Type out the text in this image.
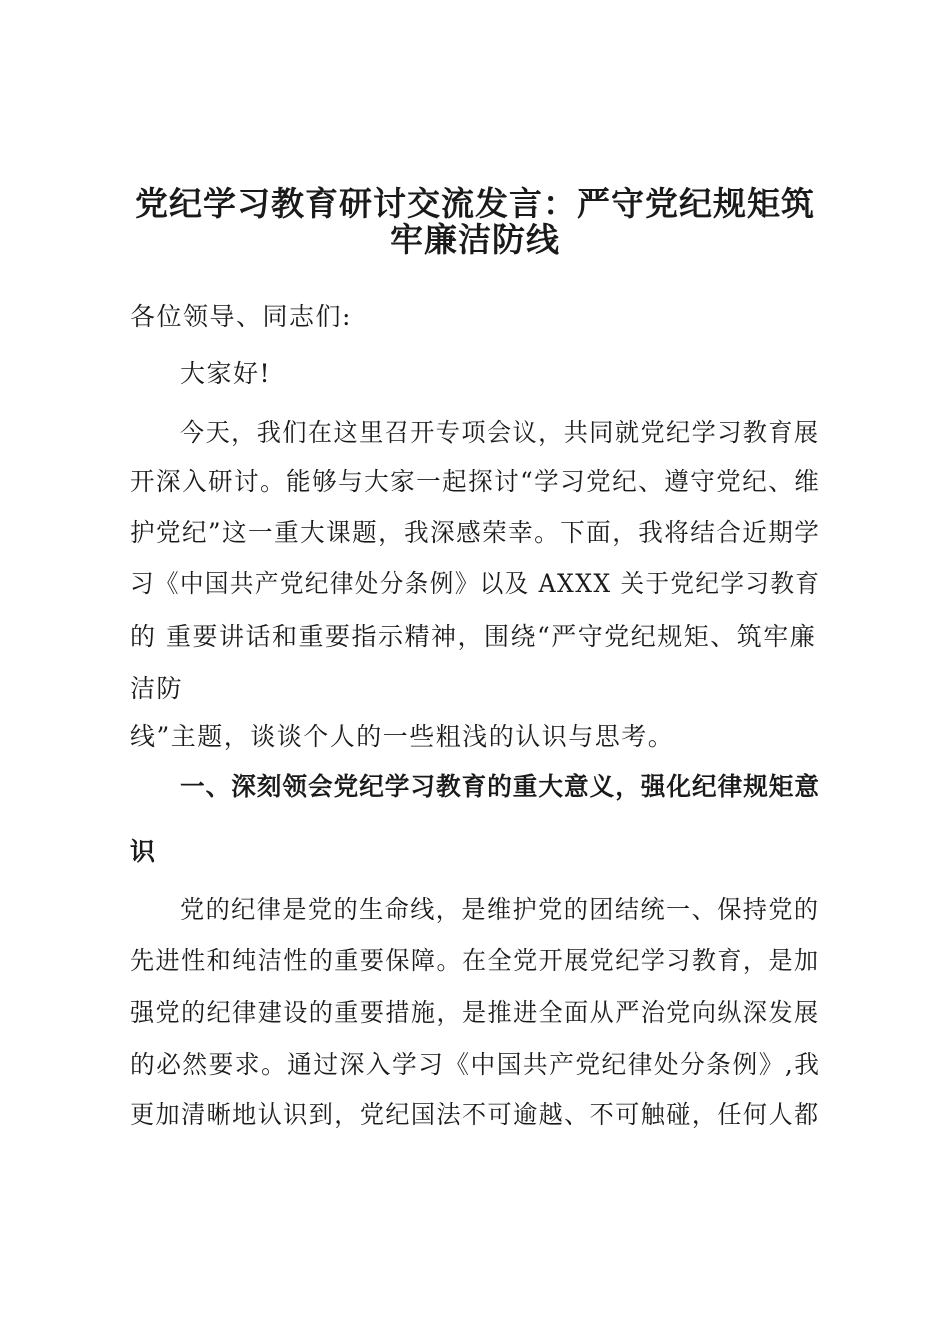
党纪学习教育研讨交流发言：严守党纪规矩筑
牢廉洁防线
各位领导、同志们:
大家好!
今天，我们在这里召开专项会议，共同就党纪学习教育展
开深入研讨。能够与大家一起探讨“学习党纪、遵守党纪、维
护党纪”这一重大课题，我深感荣幸。下面，我将结合近期学
习《中国共产党纪律处分条例》以及 AXXX 关于党纪学习教育
的 重要讲话和重要指示精神，围绕“严守党纪规矩、筑牢廉
洁防
线”主题，谈谈个人的一些粗浅的认识与思考。
一、深刻领会党纪学习教育的重大意义，强化纪律规矩意
识
党的纪律是党的生命线，是维护党的团结统一、保持党的
先进性和纯洁性的重要保障。在全党开展党纪学习教育，是加
强党的纪律建设的重要措施，是推进全面从严治党向纵深发展
的必然要求。通过深入学习《中国共产党纪律处分条例》,我
更加清晰地认识到，党纪国法不可逾越、不可触碰，任何人都
